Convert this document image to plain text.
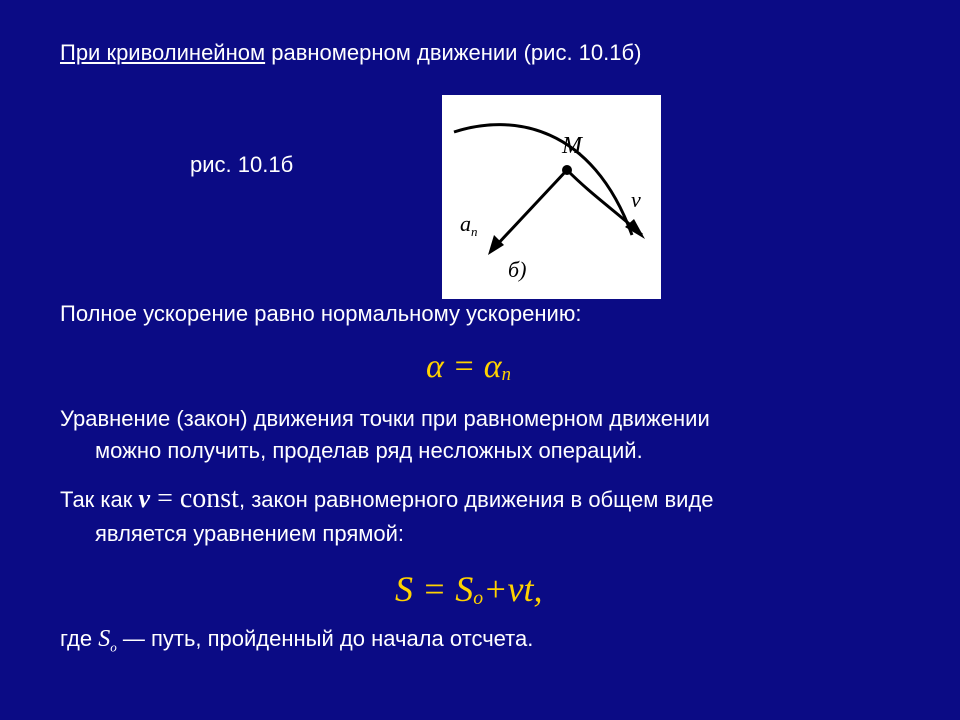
При криволинейном равномерном движении (рис. 10.1б)
рис. 10.1б
M
v
$a_n$
б)
Полное ускорение равно нормальному ускорению:
$\alpha = \alpha_n$
Уравнение (закон) движения точки при равномерном движении
можно получить, проделав ряд несложных операций.
Так как v = const, закон равномерного движения в общем виде
является уравнением прямой:
$S = S_o+vt$,
где $S_o$ — путь, пройденный до начала отсчета.
